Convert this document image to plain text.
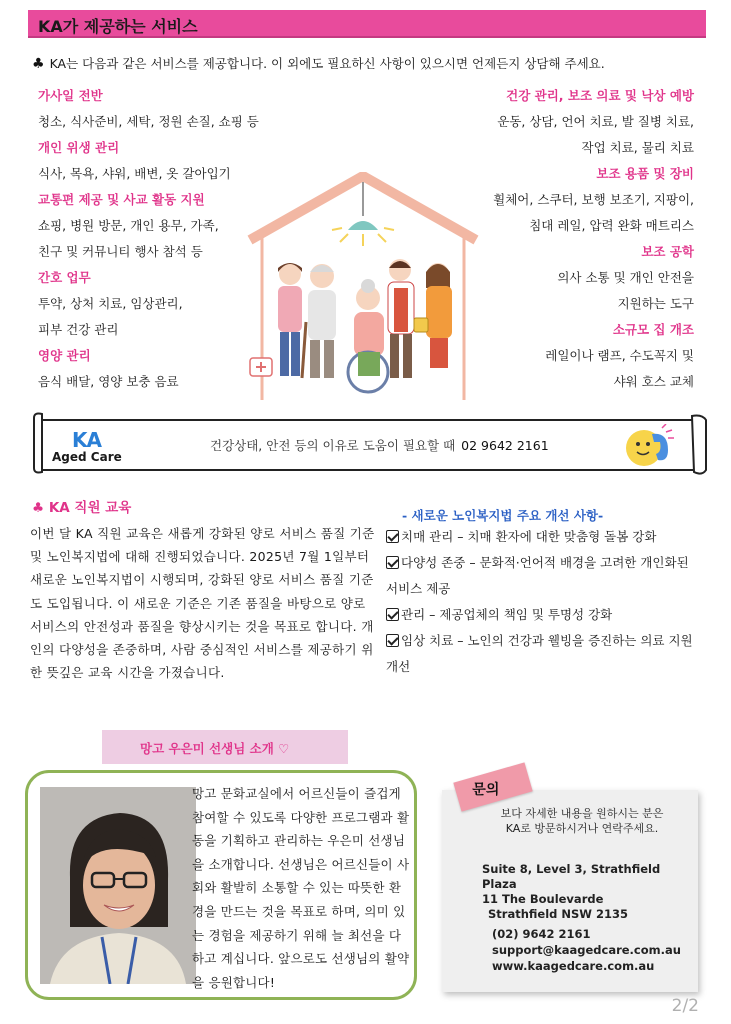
KA가 제공하는 서비스
♣ KA는 다음과 같은 서비스를 제공합니다. 이 외에도 필요하신 사항이 있으시면 언제든지 상담해 주세요.
가사일 전반
청소, 식사준비, 세탁, 정원 손질, 쇼핑 등
개인 위생 관리
식사, 목욕, 샤워, 배변, 옷 갈아입기
교통편 제공 및 사교 활동 지원
쇼핑, 병원 방문, 개인 용무, 가족,
친구 및 커뮤니티 행사 참석 등
간호 업무
투약, 상처 치료, 임상관리,
피부 건강 관리
영양 관리
음식 배달, 영양 보충 음료
건강 관리, 보조 의료 및 낙상 예방
운동, 상담, 언어 치료, 발 질병 치료,
작업 치료, 물리 치료
보조 용품 및 장비
휠체어, 스쿠터, 보행 보조기, 지팡이,
침대 레일, 압력 완화 매트리스
보조 공학
의사 소통 및 개인 안전을
지원하는 도구
소규모 집 개조
레일이나 램프, 수도꼭지 및
샤워 호스 교체
KA
Aged Care
건강상태, 안전 등의 이유로 도움이 필요할 때 02 9642 2161
♣ KA 직원 교육
이번 달 KA 직원 교육은 새롭게 강화된 양로 서비스 품질 기준 및 노인복지법에 대해 진행되었습니다. 2025년 7월 1일부터 새로운 노인복지법이 시행되며, 강화된 양로 서비스 품질 기준도 도입됩니다. 이 새로운 기준은 기존 품질을 바탕으로 양로 서비스의 안전성과 품질을 향상시키는 것을 목표로 합니다. 개인의 다양성을 존중하며, 사람 중심적인 서비스를 제공하기 위한 뜻깊은 교육 시간을 가졌습니다.
- 새로운 노인복지법 주요 개선 사항-
치매 관리 – 치매 환자에 대한 맞춤형 돌봄 강화
다양성 존중 – 문화적·언어적 배경을 고려한 개인화된 서비스 제공
관리 – 제공업체의 책임 및 투명성 강화
임상 치료 – 노인의 건강과 웰빙을 증진하는 의료 지원 개선
망고 우은미 선생님 소개 ♡
망고 문화교실에서 어르신들이 즐겁게 참여할 수 있도록 다양한 프로그램과 활동을 기획하고 관리하는 우은미 선생님을 소개합니다. 선생님은 어르신들이 사회와 활발히 소통할 수 있는 따뜻한 환경을 만드는 것을 목표로 하며, 의미 있는 경험을 제공하기 위해 늘 최선을 다하고 계십니다. 앞으로도 선생님의 활약을 응원합니다!
문의
보다 자세한 내용을 원하시는 분은
KA로 방문하시거나 연락주세요.
Suite 8, Level 3, Strathfield Plaza
11 The Boulevarde
Strathfield NSW 2135
(02) 9642 2161
support@kaagedcare.com.au
www.kaagedcare.com.au
2/2
